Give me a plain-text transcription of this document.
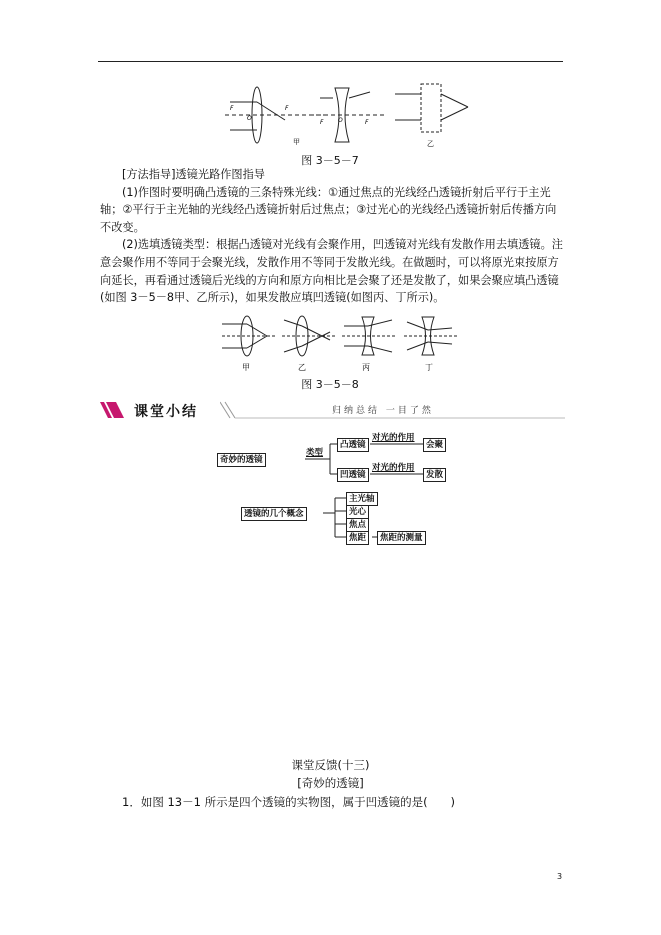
甲	乙
O	O
F	F
F	F
图 3－5－7

[方法指导]透镜光路作图指导

(1)作图时要明确凸透镜的三条特殊光线：①通过焦点的光线经凸透镜折射后平行于主光轴；②平行于主光轴的光线经凸透镜折射后过焦点；③过光心的光线经凸透镜折射后传播方向不改变。

(2)选填透镜类型：根据凸透镜对光线有会聚作用，凹透镜对光线有发散作用去填透镜。注意会聚作用不等同于会聚光线，发散作用不等同于发散光线。在做题时，可以将原光束按原方向延长，再看通过透镜后光线的方向和原方向相比是会聚了还是发散了，如果会聚应填凸透镜(如图 3－5－8甲、乙所示)，如果发散应填凹透镜(如图丙、丁所示)。

甲	乙	丙	丁
图 3－5－8
课堂小结	归纳总结 一目了然
奇妙的透镜
类型
凸透镜
对光的作用
会聚
凹透镜
对光的作用
发散
透镜的几个概念
主光轴
光心
焦点
焦距	焦距的测量
课堂反馈(十三)
[奇妙的透镜]
1．如图 13－1 所示是四个透镜的实物图，属于凹透镜的是(　　)
3
